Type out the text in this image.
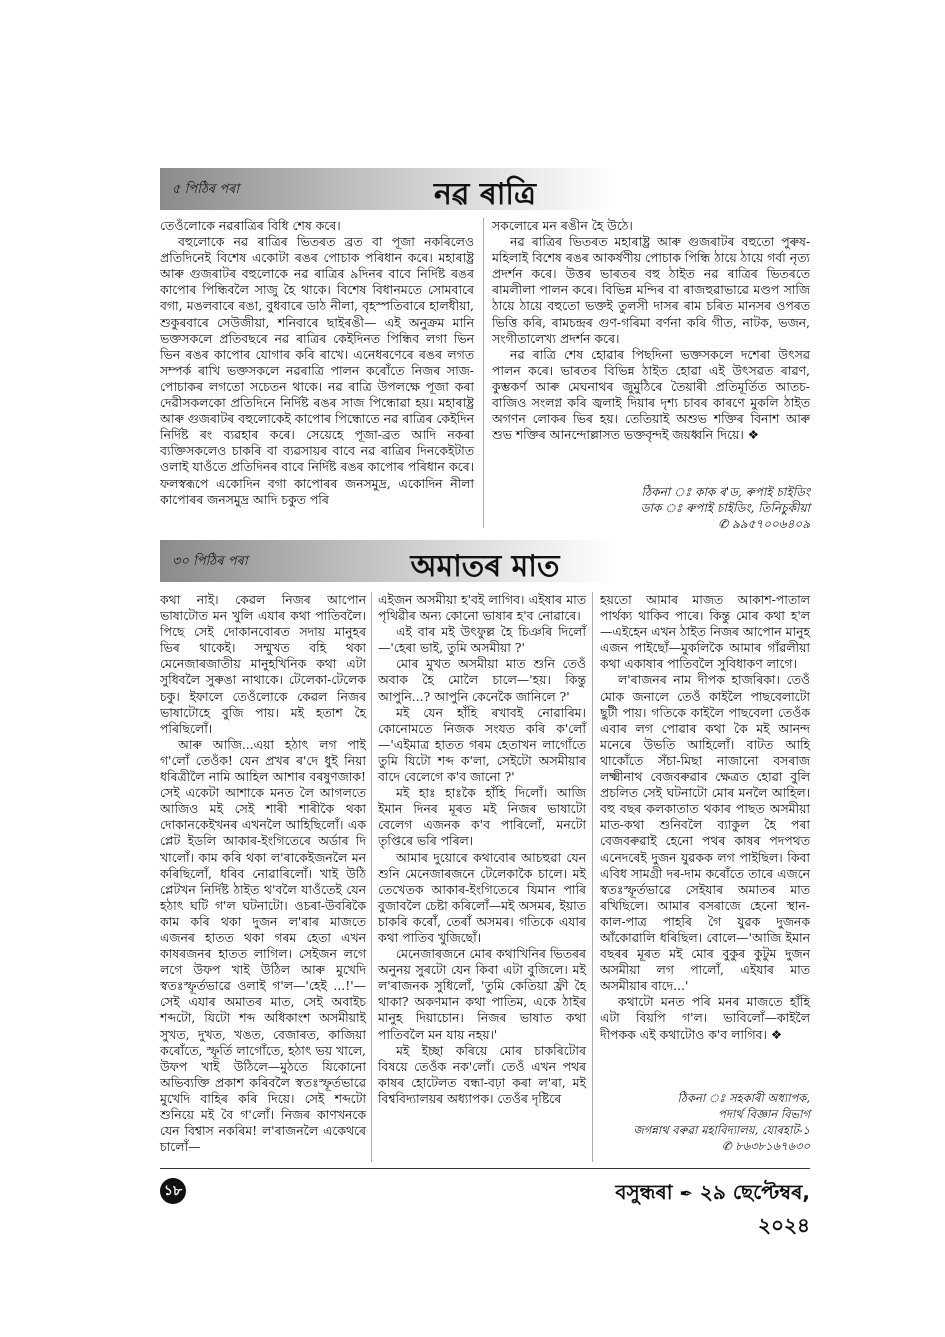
৫ পিঠিৰ পৰা	নৱ ৰাত্ৰি

তেওঁলোকে নৱৰাত্ৰিৰ বিধি শেষ কৰে।

বহুলোকে নৱ ৰাত্ৰিৰ ভিতৰত ব্ৰত বা পূজা নকৰিলেও প্ৰতিদিনেই বিশেষ একোটা ৰঙৰ পোচাক পৰিধান কৰে। মহাৰাষ্ট্ৰ আৰু গুজৰাটৰ বহুলোকে নৱ ৰাত্ৰিৰ ৯দিনৰ বাবে নিৰ্দিষ্ট ৰঙৰ কাপোৰ পিন্ধিবলৈ সাজু হৈ থাকে। বিশেষ বিধানমতে সোমবাৰে বগা, মঙলবাৰে ৰঙা, বুধবাৰে ডাঠ নীলা, বৃহস্পতিবাৰে হালধীয়া, শুকুৰবাৰে সেউজীয়া, শনিবাৰে ছাইৰঙী— এই অনুক্ৰম মানি ভক্তসকলে প্ৰতিবছৰে নৱ ৰাত্ৰিৰ কেইদিনত পিন্ধিব লগা ভিন ভিন ৰঙৰ কাপোৰ যোগাৰ কৰি ৰাখে। এনেধৰণেৰে ৰঙৰ লগত সম্পৰ্ক ৰাখি ভক্তসকলে নৱৰাত্ৰি পালন কৰোঁতে নিজৰ সাজ-পোচাকৰ লগতো সচেতন থাকে। নৱ ৰাত্ৰি উপলক্ষে পূজা কৰা দেৱীসকলকো প্ৰতিদিনে নিৰ্দিষ্ট ৰঙৰ সাজ পিন্ধোৱা হয়। মহাৰাষ্ট্ৰ আৰু গুজৰাটৰ বহুলোকেই কাপোৰ পিন্ধোতে নৱ ৰাত্ৰিৰ কেইদিন নিৰ্দিষ্ট ৰং ব্যৱহাৰ কৰে। সেয়েহে পূজা-ব্ৰত আদি নকৰা ব্যক্তিসকলেও চাকৰি বা ব্যৱসায়ৰ বাবে নৱ ৰাত্ৰিৰ দিনকেইটাত ওলাই যাওঁতে প্ৰতিদিনৰ বাবে নিৰ্দিষ্ট ৰঙৰ কাপোৰ পৰিধান কৰে। ফলস্বৰূপে একোদিন বগা কাপোৰৰ জনসমুদ্ৰ, একোদিন নীলা কাপোৰৰ জনসমুদ্ৰ আদি চকুত পৰি

সকলোৰে মন ৰঙীন হৈ উঠে।

নৱ ৰাত্ৰিৰ ভিতৰত মহাৰাষ্ট্ৰ আৰু গুজৰাটৰ বহুতো পুৰুষ-মহিলাই বিশেষ ৰঙৰ আকৰ্ষণীয় পোচাক পিন্ধি ঠায়ে ঠায়ে গৰ্বা নৃত্য প্ৰদৰ্শন কৰে। উত্তৰ ভাৰতৰ বহু ঠাইত নৱ ৰাত্ৰিৰ ভিতৰতে ৰামলীলা পালন কৰে। বিভিন্ন মন্দিৰ বা ৰাজহুৱাভাৱে মণ্ডপ সাজি ঠায়ে ঠায়ে বহুতো ভক্তই তুলসী দাসৰ ৰাম চৰিত মানসৰ ওপৰত ভিত্তি কৰি, ৰামচন্দ্ৰৰ গুণ-গৰিমা বৰ্ণনা কৰি গীত, নাটক, ভজন, সংগীতালেখ্য প্ৰদৰ্শন কৰে।

নৱ ৰাত্ৰি শেষ হোৱাৰ পিছদিনা ভক্তসকলে দশেৰা উৎসৱ পালন কৰে। ভাৰতৰ বিভিন্ন ঠাইত হোৱা এই উৎসৱত ৰাৱণ, কুম্ভকৰ্ণ আৰু মেঘনাথৰ জুমুঠিৰে তৈয়াৰী প্ৰতিমূৰ্তিত আতচ-বাজিও সংলগ্ন কৰি জ্বলাই দিয়াৰ দৃশ্য চাবৰ কাৰণে মুকলি ঠাইত অগণন লোকৰ ভিৰ হয়। তেতিয়াই অশুভ শক্তিৰ বিনাশ আৰু শুভ শক্তিৰ আনন্দোল্লাসত ভক্তবৃন্দই জয়ধ্বনি দিয়ে। ❖

ঠিকনা ঃ কাক ৰ'ড, ৰুপাই চাইডিং
ডাক ঃ ৰুপাই চাইডিং, তিনিচুকীয়া
✆ ৯৯৫৭০০৬৪০৯
৩০ পিঠিৰ পৰা	অমাতৰ মাত

কথা নাই। কেৱল নিজৰ আপোন ভাষাটোত মন খুলি এযাৰ কথা পাতিবলৈ। পিছে সেই দোকানবোৰত সদায় মানুহৰ ভিৰ থাকেই। সম্মুখত বহি থকা মেনেজাৰজাতীয় মানুহখিনিক কথা এটা সুধিবলৈ সুৰুঙা নাথাকে। টেলেকা-টেলেক চকু। ইফালে তেওঁলোকে কেৱল নিজৰ ভাষাটোহে বুজি পায়। মই হতাশ হৈ পৰিছিলোঁ।

আৰু আজি...এয়া হঠাৎ লগ পাই গ'লোঁ তেওঁক! যেন প্ৰখৰ ৰ'দে ধুই নিয়া ধৰিত্ৰীলৈ নামি আহিল আশাৰ বৰষুণজাক! সেই একেটা আশাকে মনত লৈ আগলতে আজিও মই সেই শাৰী শাৰীকৈ থকা দোকানকেইখনৰ এখনলৈ আহিছিলোঁ। এক প্লেট ইডলি আকাৰ-ইংগিতেৰে অৰ্ডাৰ দি খালোঁ। কাম কৰি থকা ল'ৰাকেইজনলৈ মন কৰিছিলোঁ, ধৰিব নোৱাৰিলোঁ। খাই উঠি প্লেটখন নিৰ্দিষ্ট ঠাইত থ'বলৈ যাওঁতেই যেন হঠাৎ ঘটি গ'ল ঘটনাটো। ওচৰা-উবৰিকৈ কাম কৰি থকা দুজন ল'ৰাৰ মাজতে এজনৰ হাতত থকা গৰম হেতা এখন কাষৰজনৰ হাতত লাগিল। সেইজন লগে লগে উফপ খাই উঠিল আৰু মুখেদি স্বতঃস্ফূৰ্তভাৱে ওলাই গ'ল—'হেই ...!'—সেই এযাৰ অমাতৰ মাত, সেই অবাইচ শব্দটো, যিটো শব্দ অধিকাংশ অসমীয়াই সুখত, দুখত, খঙত, বেজাৰত, কাজিয়া কৰোঁতে, স্ফূৰ্তি লাগোঁতে, হঠাৎ ভয় খালে, উফপ খাই উঠিলে—মুঠতে যিকোনো অভিব্যক্তি প্ৰকাশ কৰিবলৈ স্বতঃস্ফূৰ্তভাৱে মুখেদি বাহিৰ কৰি দিয়ে। সেই শব্দটো শুনিয়ে মই বৈ গ'লোঁ। নিজৰ কাণখনকে যেন বিশ্বাস নকৰিম! ল'ৰাজনলৈ একেথৰে চালোঁ—

এইজন অসমীয়া হ'বই লাগিব। এইষাৰ মাত পৃথিৱীৰ অন্য কোনো ভাষাৰ হ'ব নোৱাৰে।

এই বাৰ মই উৎফুল্ল হৈ চিঞৰি দিলোঁ—'হেৰা ভাই, তুমি অসমীয়া ?'

মোৰ মুখত অসমীয়া মাত শুনি তেওঁ অবাক হৈ মোলৈ চালে—'হয়। কিন্তু আপুনি...? আপুনি কেনেকৈ জানিলে ?'

মই যেন হাঁহি ৰখাবই নোৱাৰিম। কোনোমতে নিজক সংযত কৰি ক'লোঁ—'এইমাত্ৰ হাতত গৰম হেতাখন লাগোঁতে তুমি যিটো শব্দ ক'লা, সেইটো অসমীয়াৰ বাদে বেলেগে ক'ব জানো ?'

মই হাঃ হাঃকৈ হাঁহি দিলোঁ। আজি ইমান দিনৰ মূৰত মই নিজৰ ভাষাটো বেলেগ এজনক ক'ব পাৰিলোঁ, মনটো তৃপ্তিৰে ভৰি পৰিল।

আমাৰ দুয়োৰে কথাবোৰ আচহুৱা যেন শুনি মেনেজাৰজনে টেলেকাকৈ চালে। মই তেখেতক আকাৰ-ইংগিতেৰে যিমান পাৰি বুজাবলৈ চেষ্টা কৰিলোঁ—মই অসমৰ, ইয়াত চাকৰি কৰোঁ, তেৰাঁ অসমৰ। গতিকে এযাৰ কথা পাতিব খুজিছোঁ।

মেনেজাৰজনে মোৰ কথাখিনিৰ ভিতৰৰ অনুনয় সুৰটো যেন কিবা এটা বুজিলে। মই ল'ৰাজনক সুধিলোঁ, 'তুমি কেতিয়া ফ্ৰী হৈ থাকা? অকণমান কথা পাতিম, একে ঠাইৰ মানুহ দিয়াচোন। নিজৰ ভাষাত কথা পাতিবলৈ মন যায় নহয়।'

মই ইচ্ছা কৰিয়ে মোৰ চাকৰিটোৰ বিষয়ে তেওঁক নক'লোঁ। তেওঁ এখন পথৰ কাষৰ হোটেলত বন্ধা-বঢ়া কৰা ল'ৰা, মই বিশ্ববিদ্যালয়ৰ অধ্যাপক। তেওঁৰ দৃষ্টিৰে

হয়তো আমাৰ মাজত আকাশ-পাতাল পাৰ্থক্য থাকিব পাৰে। কিন্তু মোৰ কথা হ'ল—এইহেন এখন ঠাইত নিজৰ আপোন মানুহ এজন পাইছোঁ—মুকলিকৈ আমাৰ গাঁৱলীয়া কথা একাষাৰ পাতিবলৈ সুবিধাকণ লাগে।

ল'ৰাজনৰ নাম দীপক হাজৰিকা। তেওঁ মোক জনালে তেওঁ কাইলৈ পাছবেলাটো ছুটী পায়। গতিকে কাইলৈ পাছবেলা তেওঁক এবাৰ লগ পোৱাৰ কথা কৈ মই আনন্দ মনেৰে উভতি আহিলোঁ। বাটত আহি থাকোঁতে সঁচা-মিছা নাজানো বসৰাজ লক্ষ্মীনাথ বেজবৰুৱাৰ ক্ষেত্ৰত হোৱা বুলি প্ৰচলিত সেই ঘটনাটো মোৰ মনলৈ আহিল। বহু বছৰ কলকাতাত থকাৰ পাছত অসমীয়া মাত-কথা শুনিবলৈ ব্যাকুল হৈ পৰা বেজবৰুৱাই হেনো পথৰ কাষৰ পদপথত এনেদৰেই দুজন যুৱকক লগ পাইছিল। কিবা এবিধ সামগ্ৰী দৰ-দাম কৰোঁতে তাৰে এজনে স্বতঃস্ফূৰ্তভাৱে সেইযাৰ অমাতৰ মাত ৰখিছিলে। আমাৰ বসৰাজে হেনো স্থান-কাল-পাত্ৰ পাহৰি গৈ যুৱক দুজনক আঁকোৱালি ধৰিছিল। বোলে—'আজি ইমান বছৰৰ মূৰত মই মোৰ বুকুৰ কুটুম দুজন অসমীয়া লগ পালোঁ, এইযাৰ মাত অসমীয়াৰ বাদে...'

কথাটো মনত পৰি মনৰ মাজতে হাঁহি এটা বিয়পি গ'ল। ভাবিলোঁ—কাইলৈ দীপকক এই কথাটোও ক'ব লাগিব। ❖

ঠিকনা ঃ সহকাৰী অধ্যাপক,
পদাৰ্থ বিজ্ঞান বিভাগ
জগন্নাথ বৰুৱা মহাবিদ্যালয়, যোৰহাট-১
✆ ৮৬৩৮১৬৭৬৩০
১৮	বসুন্ধৰা ✒ ২৯ ছেপ্টেম্বৰ, ২০২৪
